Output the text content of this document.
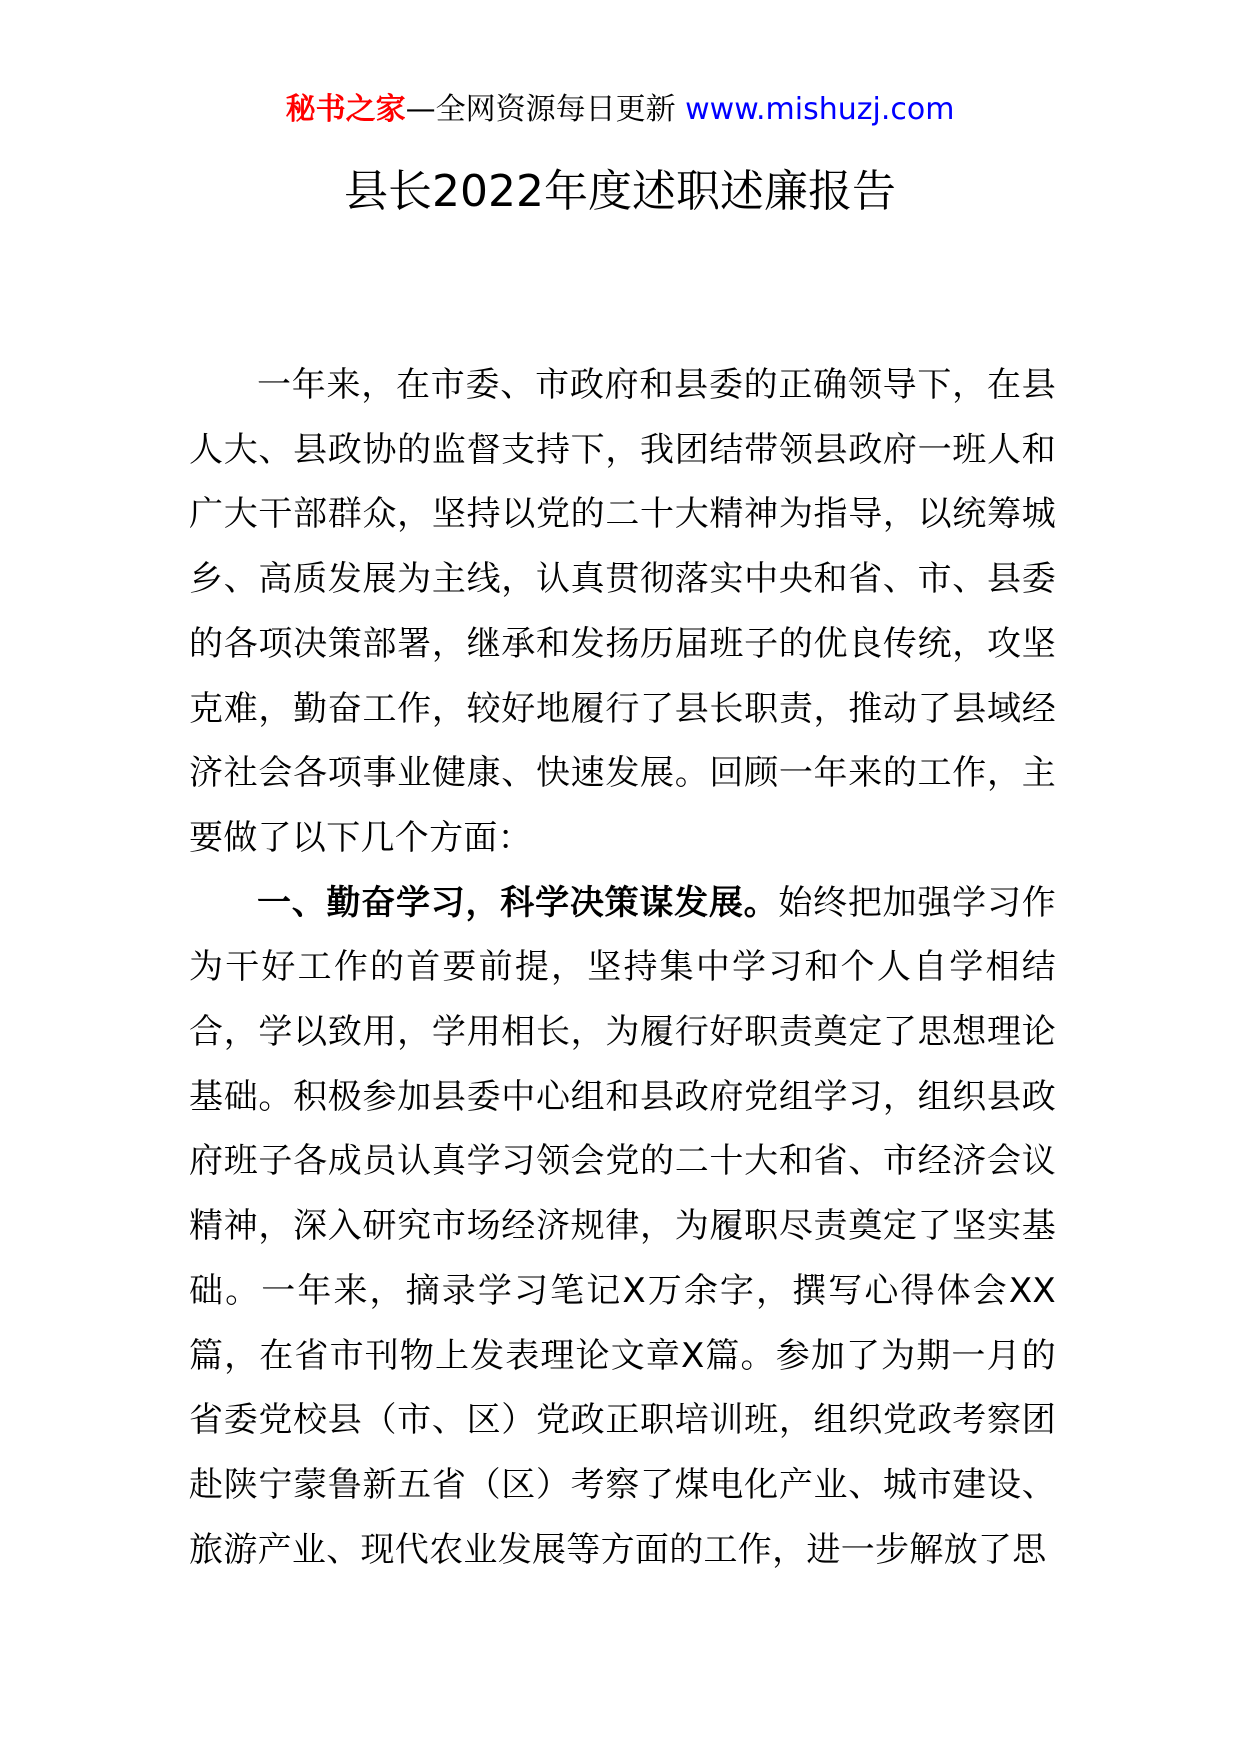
秘书之家—全网资源每日更新 www.mishuzj.com
县长2022年度述职述廉报告

一年来，在市委、市政府和县委的正确领导下，在县人大、县政协的监督支持下，我团结带领县政府一班人和广大干部群众，坚持以党的二十大精神为指导，以统筹城乡、高质发展为主线，认真贯彻落实中央和省、市、县委的各项决策部署，继承和发扬历届班子的优良传统，攻坚克难，勤奋工作，较好地履行了县长职责，推动了县域经济社会各项事业健康、快速发展。回顾一年来的工作，主要做了以下几个方面：

一、勤奋学习，科学决策谋发展。始终把加强学习作为干好工作的首要前提，坚持集中学习和个人自学相结合，学以致用，学用相长，为履行好职责奠定了思想理论基础。积极参加县委中心组和县政府党组学习，组织县政府班子各成员认真学习领会党的二十大和省、市经济会议精神，深入研究市场经济规律，为履职尽责奠定了坚实基础。一年来，摘录学习笔记X万余字，撰写心得体会XX篇，在省市刊物上发表理论文章X篇。参加了为期一月的省委党校县（市、区）党政正职培训班，组织党政考察团赴陕宁蒙鲁新五省（区）考察了煤电化产业、城市建设、旅游产业、现代农业发展等方面的工作，进一步解放了思
